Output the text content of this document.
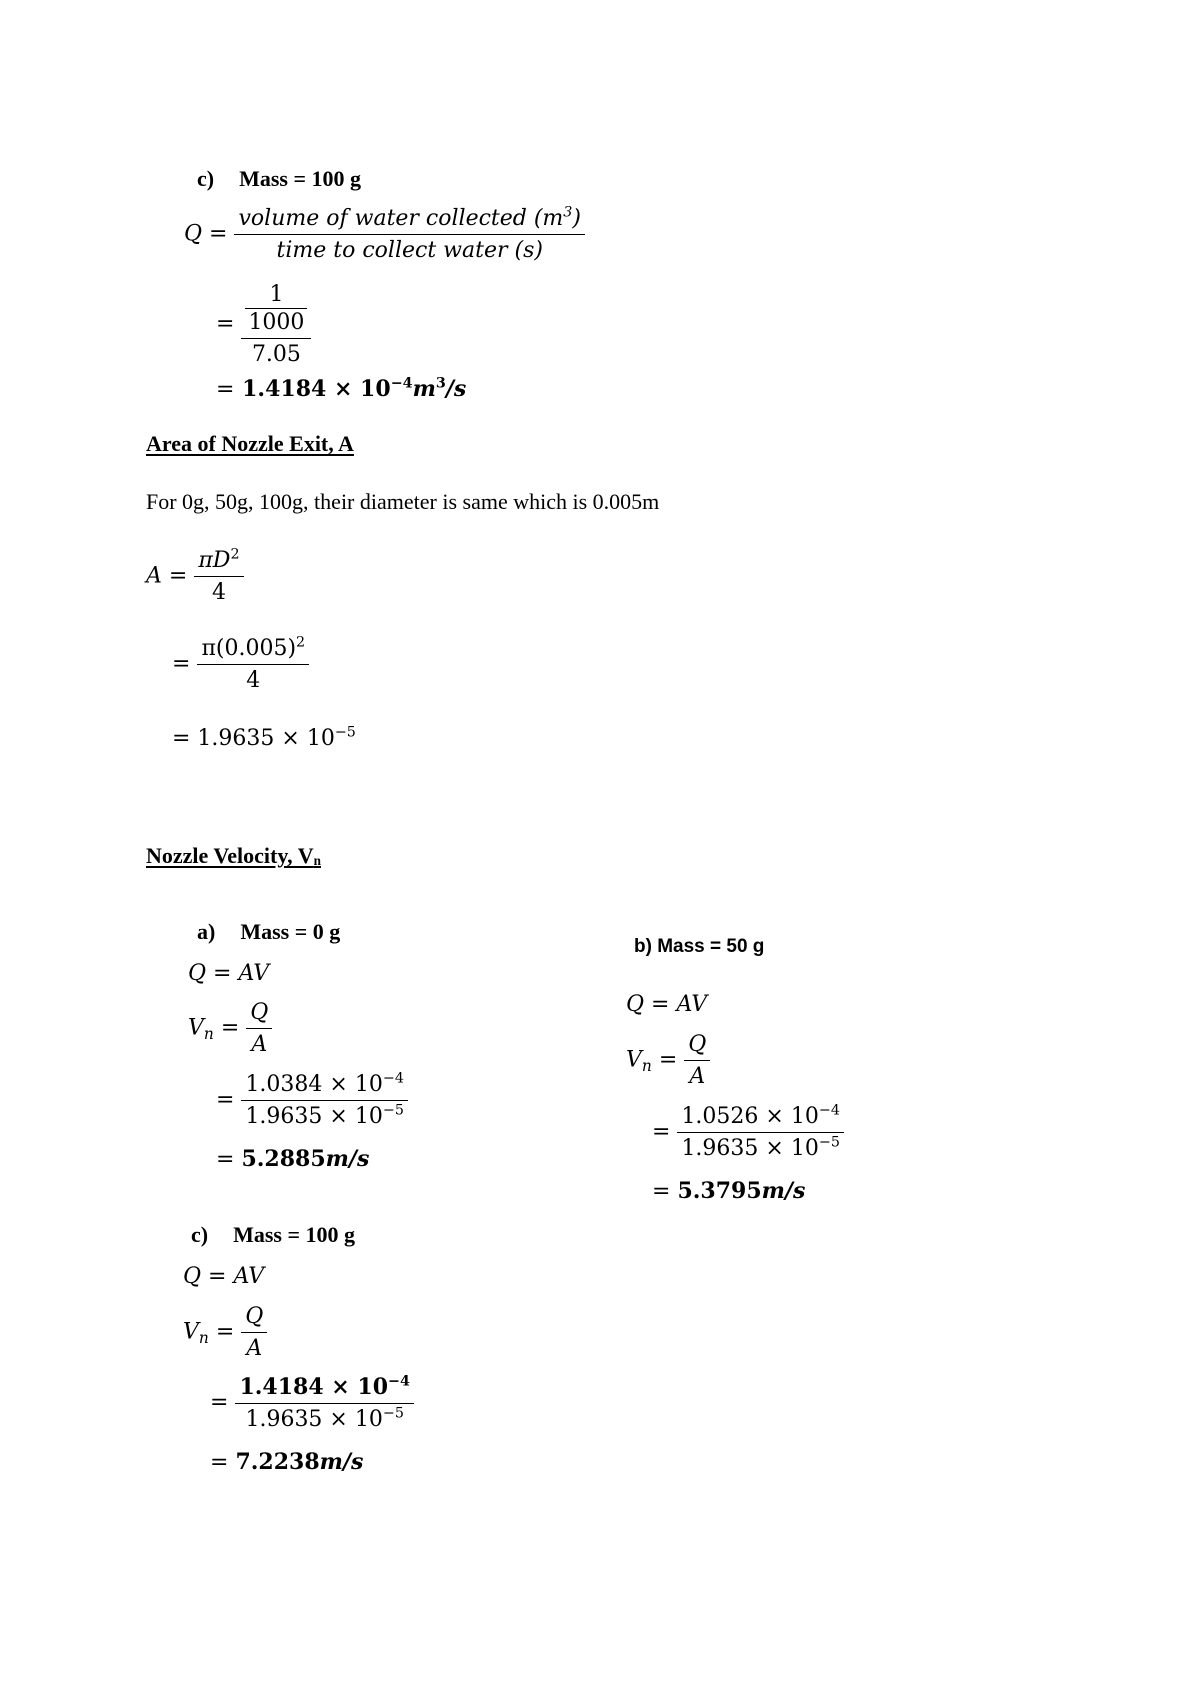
c) Mass = 100 g
$Q = \frac{volume of water collected (m^3)}{\text{time to collect water (s)}}$
= $\frac{\frac{1}{1000}}{7.05}$
= $1.4184 \times 10^{-4}m^3/s$
Area of Nozzle Exit, A
For 0g, 50g, 100g, their diameter is same which is 0.005m
$A = \frac{\pi D^2}{4}$
= $\frac{\pi(0.005)^2}{4}$
= $1.9635 \times 10^{-5}$
Nozzle Velocity, $V_n$
a) Mass = 0 g
Q = AV
$V_n = \frac{Q}{A}$
= $\frac{1.0384 \times 10^{-4}}{1.9635 \times 10^{-5}}$
= 5.2885m/s
b) Mass = 50 g
Q = AV
$V_n = \frac{Q}{A}$
= $\frac{1.0526 \times 10^{-4}}{1.9635 \times 10^{-5}}$
= 5.3795m/s
c) Mass = 100 g
Q = AV
$V_n = \frac{Q}{A}$
= $\frac{1.4184 \times 10^{-4}}{1.9635 \times 10^{-5}}$
= 7.2238m/s
